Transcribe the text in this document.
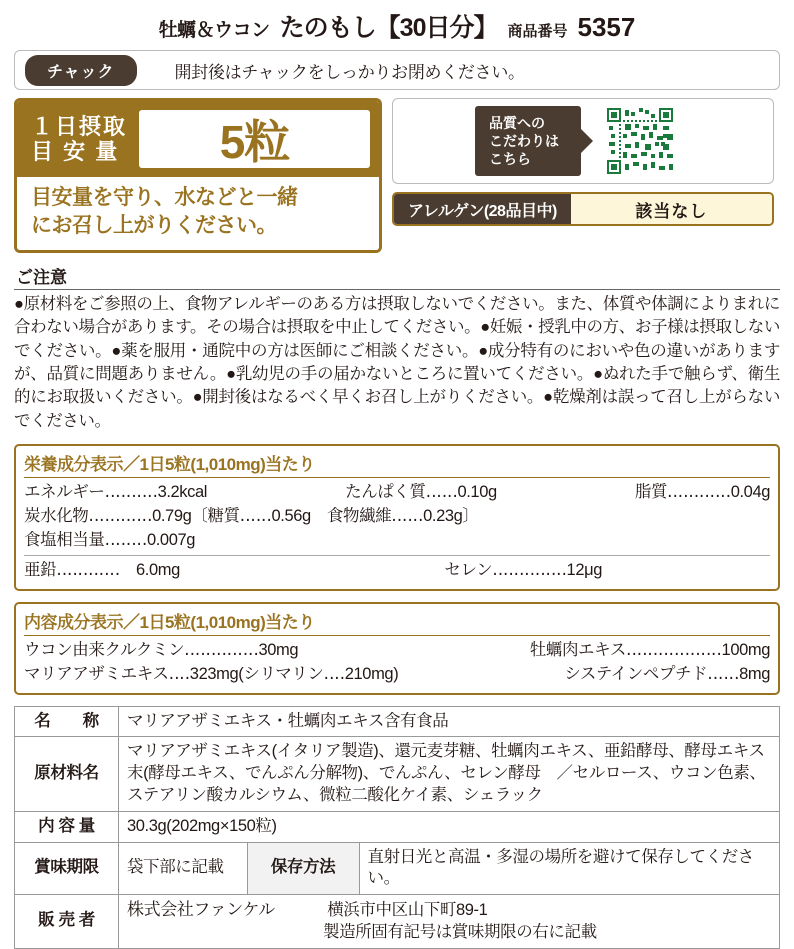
牡蠣＆ウコン たのもし【30日分】 商品番号 5357
チャック	開封後はチャックをしっかりお閉めください。
１日摂取
目 安 量	5粒
目安量を守り、水などと一緒
にお召し上がりください。
品質への
こだわりは
こちら
アレルゲン(28品目中)	該当なし
ご注意
●原材料をご参照の上、食物アレルギーのある方は摂取しないでください。また、体質や体調によりまれに合わない場合があります。その場合は摂取を中止してください。●妊娠・授乳中の方、お子様は摂取しないでください。●薬を服用・通院中の方は医師にご相談ください。●成分特有のにおいや色の違いがありますが、品質に問題ありません。●乳幼児の手の届かないところに置いてください。●ぬれた手で触らず、衛生的にお取扱いください。●開封後はなるべく早くお召し上がりください。●乾燥剤は誤って召し上がらないでください。
栄養成分表示／1日5粒(1,010mg)当たり
エネルギー‥‥‥‥‥3.2kcal	たんぱく質‥‥‥0.10g	脂質‥‥‥‥‥‥0.04g
炭水化物‥‥‥‥‥‥0.79g〔糖質‥‥‥0.56g　食物繊維‥‥‥0.23g〕
食塩相当量‥‥‥‥0.007g
亜鉛‥‥‥‥‥‥　6.0mg	セレン‥‥‥‥‥‥‥12μg
内容成分表示／1日5粒(1,010mg)当たり
ウコン由来クルクミン‥‥‥‥‥‥‥30mg	牡蠣肉エキス‥‥‥‥‥‥‥‥‥100mg
マリアアザミエキス‥‥323mg(シリマリン‥‥210mg)	システインペプチド‥‥‥8mg
名　　称	マリアアザミエキス・牡蠣肉エキス含有食品
原材料名	マリアアザミエキス(イタリア製造)、還元麦芽糖、牡蠣肉エキス、亜鉛酵母、酵母エキス末(酵母エキス、でんぷん分解物)、でんぷん、セレン酵母　／セルロース、ウコン色素、ステアリン酸カルシウム、微粒二酸化ケイ素、シェラック
内 容 量	30.3g(202mg×150粒)
賞味期限	袋下部に記載	保存方法	直射日光と高温・多湿の場所を避けて保存してください。

販 売 者	株式会社ファンケル	横浜市中区山下町89-1
製造所固有記号は賞味期限の右に記載
